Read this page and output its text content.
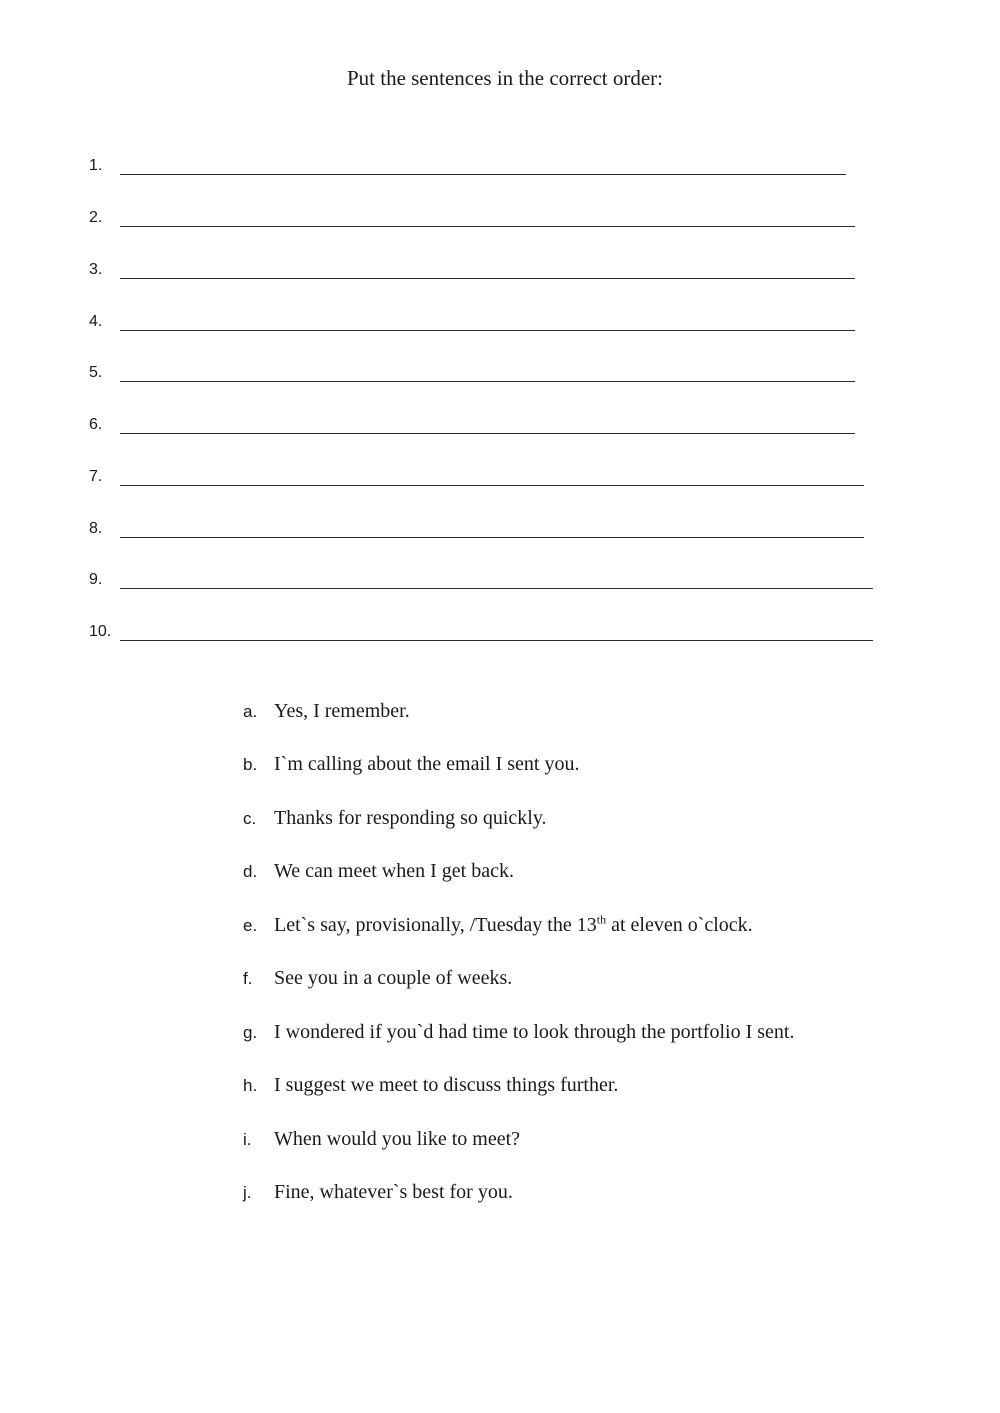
Put the sentences in the correct order:
1.
2.
3.
4.
5.
6.
7.
8.
9.
10.
a. Yes, I remember.
b. I`m calling about the email I sent you.
c. Thanks for responding so quickly.
d. We can meet when I get back.
e. Let`s say, provisionally, /Tuesday the 13th at eleven o`clock.
f. See you in a couple of weeks.
g. I wondered if you`d had time to look through the portfolio I sent.
h. I suggest we meet to discuss things further.
i. When would you like to meet?
j. Fine, whatever`s best for you.
